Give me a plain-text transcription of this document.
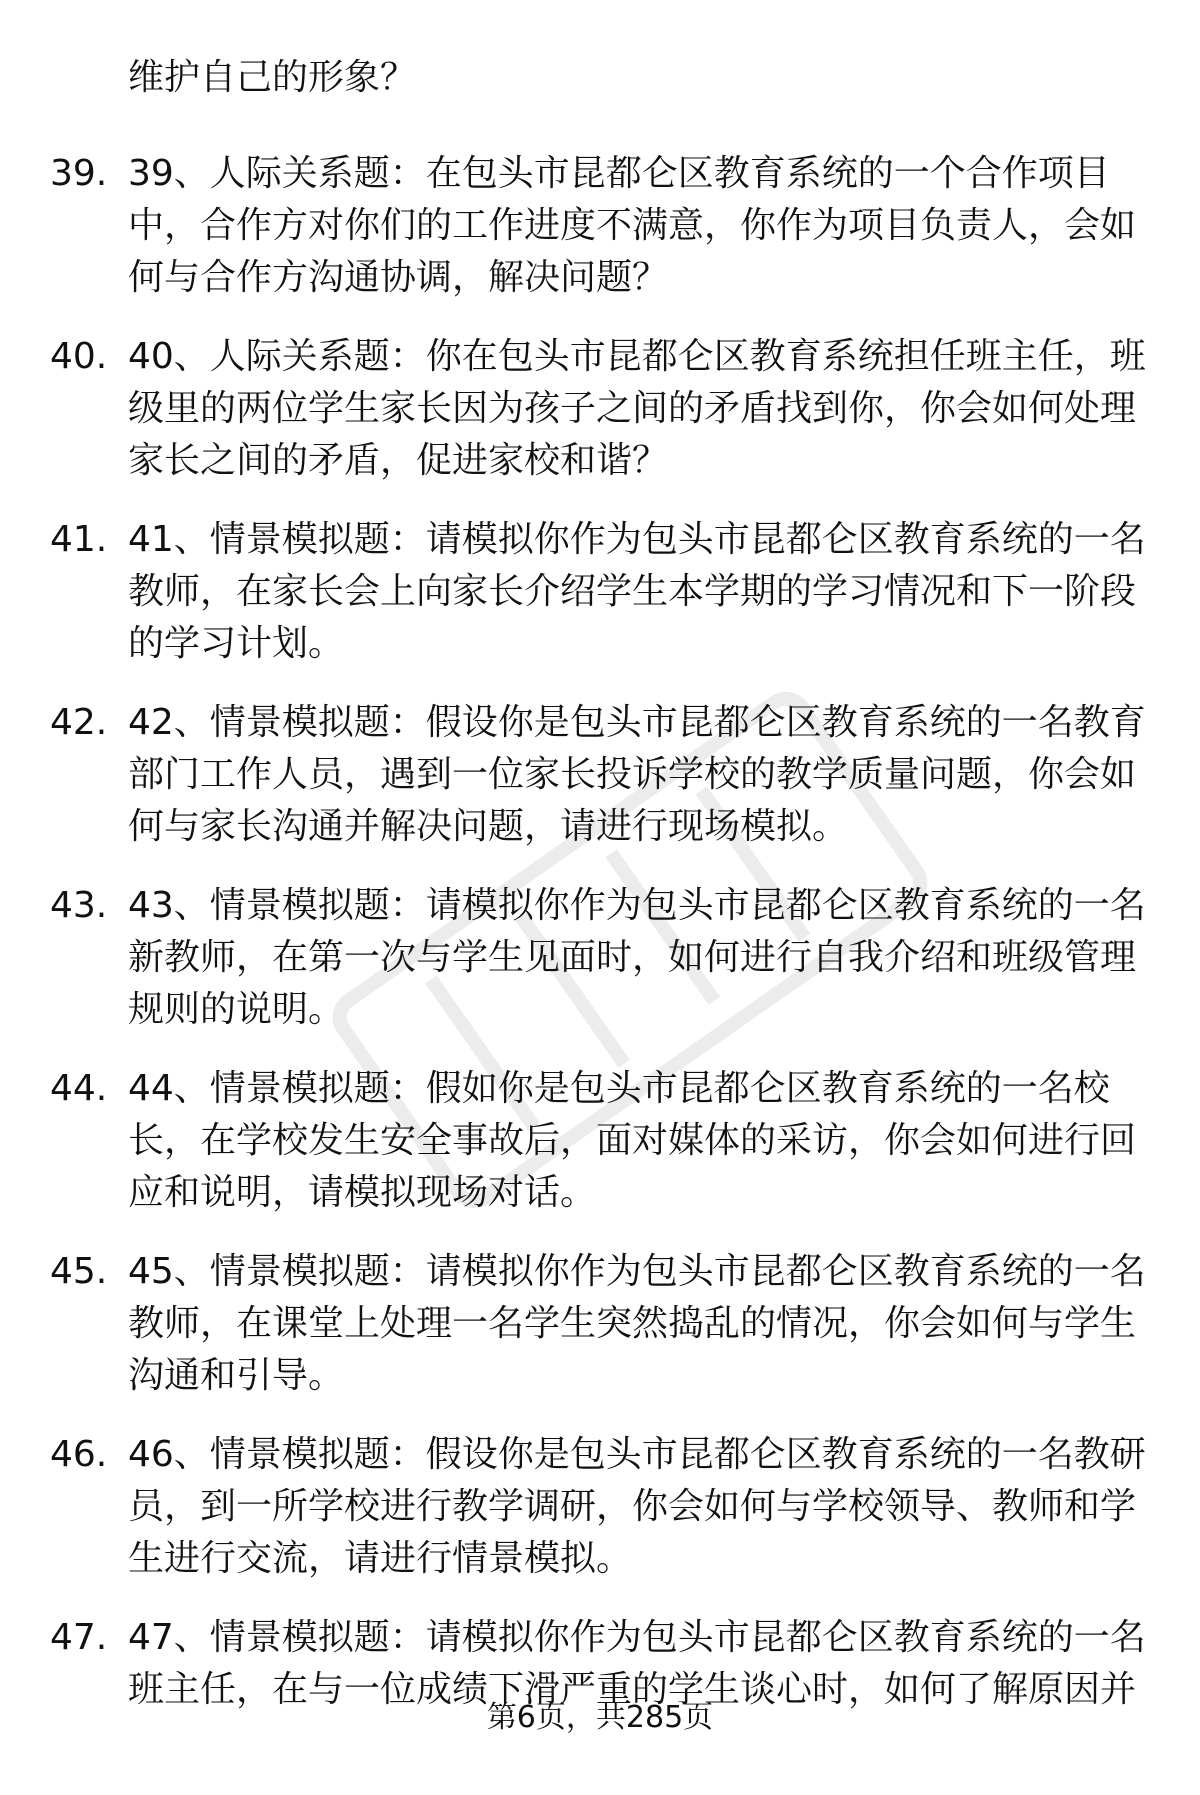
维护自己的形象？
39. 39、人际关系题：在包头市昆都仑区教育系统的一个合作项目中，合作方对你们的工作进度不满意，你作为项目负责人，会如何与合作方沟通协调，解决问题？
40. 40、人际关系题：你在包头市昆都仑区教育系统担任班主任，班级里的两位学生家长因为孩子之间的矛盾找到你，你会如何处理家长之间的矛盾，促进家校和谐？
41. 41、情景模拟题：请模拟你作为包头市昆都仑区教育系统的一名教师，在家长会上向家长介绍学生本学期的学习情况和下一阶段的学习计划。
42. 42、情景模拟题：假设你是包头市昆都仑区教育系统的一名教育部门工作人员，遇到一位家长投诉学校的教学质量问题，你会如何与家长沟通并解决问题，请进行现场模拟。
43. 43、情景模拟题：请模拟你作为包头市昆都仑区教育系统的一名新教师，在第一次与学生见面时，如何进行自我介绍和班级管理规则的说明。
44. 44、情景模拟题：假如你是包头市昆都仑区教育系统的一名校长，在学校发生安全事故后，面对媒体的采访，你会如何进行回应和说明，请模拟现场对话。
45. 45、情景模拟题：请模拟你作为包头市昆都仑区教育系统的一名教师，在课堂上处理一名学生突然捣乱的情况，你会如何与学生沟通和引导。
46. 46、情景模拟题：假设你是包头市昆都仑区教育系统的一名教研员，到一所学校进行教学调研，你会如何与学校领导、教师和学生进行交流，请进行情景模拟。
47. 47、情景模拟题：请模拟你作为包头市昆都仑区教育系统的一名班主任，在与一位成绩下滑严重的学生谈心时，如何了解原因并
第6页，共285页
